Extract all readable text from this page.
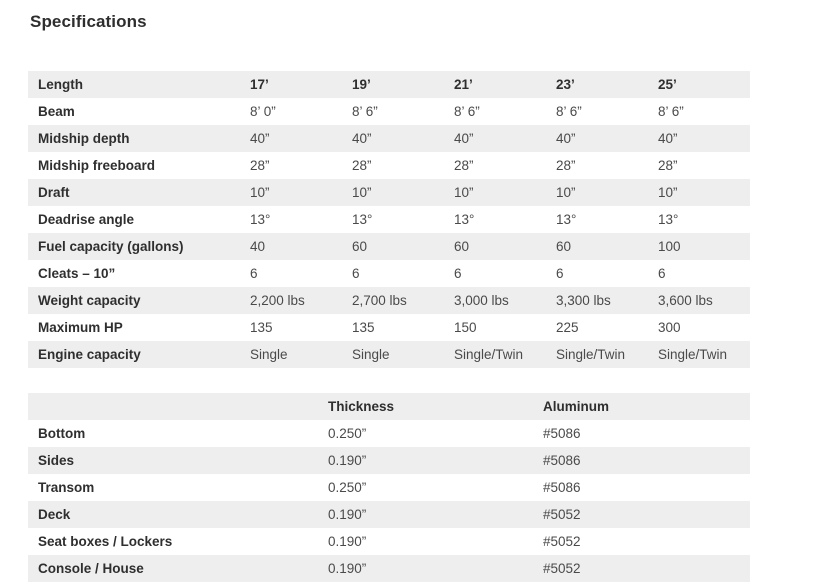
Specifications
Length	17’	19’	21’	23’	25’
Beam	8’ 0”	8’ 6”	8’ 6”	8’ 6”	8’ 6”
Midship depth	40”	40”	40”	40”	40”
Midship freeboard	28”	28”	28”	28”	28”
Draft	10”	10”	10”	10”	10”
Deadrise angle	13°	13°	13°	13°	13°
Fuel capacity (gallons)	40	60	60	60	100
Cleats – 10”	6	6	6	6	6
Weight capacity	2,200 lbs	2,700 lbs	3,000 lbs	3,300 lbs	3,600 lbs
Maximum HP	135	135	150	225	300
Engine capacity	Single	Single	Single/Twin	Single/Twin	Single/Twin
	Thickness	Aluminum
Bottom	0.250”	#5086
Sides	0.190”	#5086
Transom	0.250”	#5086
Deck	0.190”	#5052
Seat boxes / Lockers	0.190”	#5052
Console / House	0.190”	#5052
